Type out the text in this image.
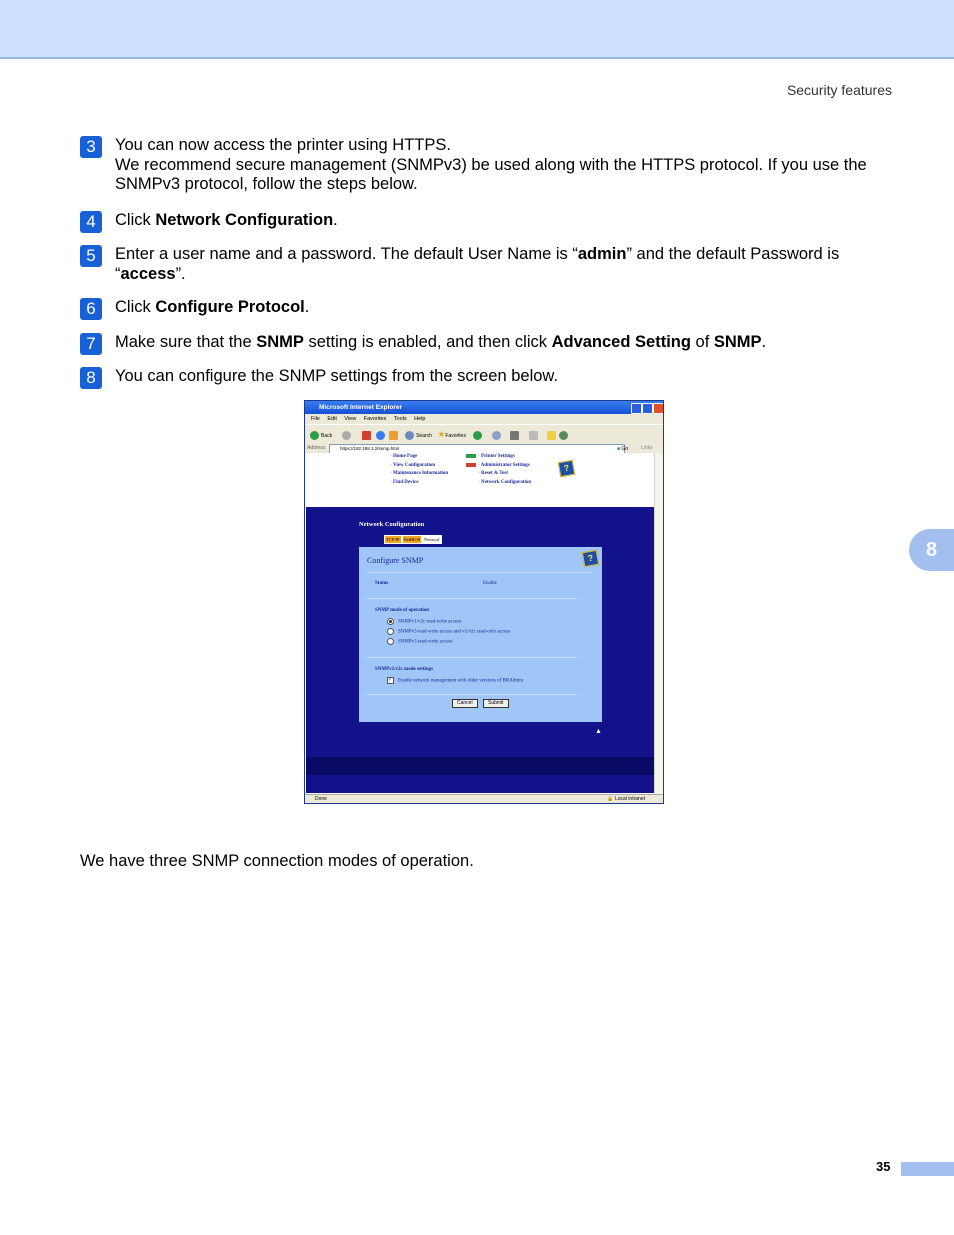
Security features
8
3	You can now access the printer using HTTPS.
We recommend secure management (SNMPv3) be used along with the HTTPS protocol. If you use the SNMPv3 protocol, follow the steps below.
4	Click Network Configuration.
5	Enter a user name and a password. The default User Name is “admin” and the default Password is “access”.
6	Click Configure Protocol.
7	Make sure that the SNMP setting is enabled, and then click Advanced Setting of SNMP.
8	You can configure the SNMP settings from the screen below.
Microsoft Internet Explorer
File Edit View Favorites Tools Help
Back	Search ★Favorites
Address	https://192.168.1.2/snmp.html	■ Go	Links
▫ Home Page
▫ View Configuration
▫ Maintenance Information
▫ Find Device
▫ Printer Settings
▫ Administrator Settings
▫ Reset & Test
▫ Network Configuration
?
Network Configuration
TCP/IP NetBIOS Protocol
Configure SNMP	?
Status	Enable
SNMP mode of operation
SNMPv1/v2c read-write access
SNMPv3 read-write access and v1/v2c read-only access
SNMPv3 read-write access
SNMPv1/v2c mode settings
✓ Enable network management with older versions of BRAdmin
Cancel	Submit
▲
Done	🔒 Local intranet
We have three SNMP connection modes of operation.
35
